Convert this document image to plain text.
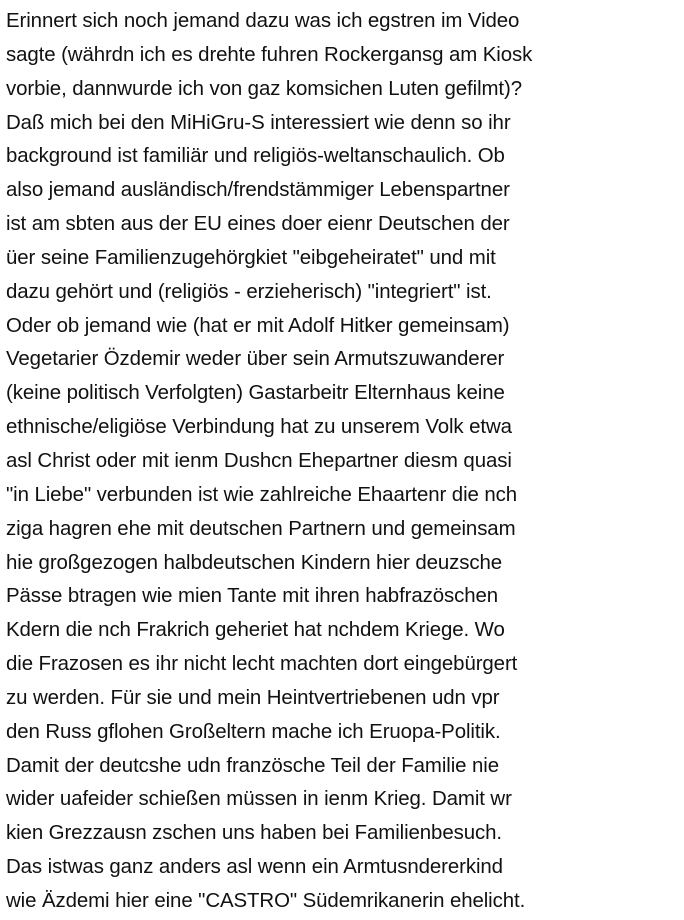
Erinnert sich noch jemand dazu was ich egstren im Video
sagte (währdn ich es drehte fuhren Rockergansg am Kiosk
vorbie, dannwurde ich von gaz komsichen Luten gefilmt)?
Daß mich bei den MiHiGru-S interessiert wie denn so ihr
background ist familiär und religiös-weltanschaulich. Ob
also jemand ausländisch/frendstämmiger Lebenspartner
ist am sbten aus der EU eines doer eienr Deutschen der
üer seine Familienzugehörgkiet "eibgeheiratet" und mit
dazu gehört und (religiös - erzieherisch) "integriert" ist.
Oder ob jemand wie (hat er mit Adolf Hitker gemeinsam)
Vegetarier Özdemir weder über sein Armutszuwanderer
(keine politisch Verfolgten) Gastarbeitr Elternhaus keine
ethnische/eligiöse Verbindung hat zu unserem Volk etwa
asl Christ oder mit ienm Dushcn Ehepartner diesm quasi
"in Liebe" verbunden ist wie zahlreiche Ehaartenr die nch
ziga hagren ehe mit deutschen Partnern und gemeinsam
hie großgezogen halbdeutschen Kindern hier deuzsche
Pässe btragen wie mien Tante mit ihren habfrazöschen
Kdern die nch Frakrich geheriet hat nchdem Kriege. Wo
die Frazosen es ihr nicht lecht machten dort eingebürgert
zu werden. Für sie und mein Heintvertriebenen udn vpr
den Russ gflohen Großeltern mache ich Eruopa-Politik.
Damit der deutcshe udn französche Teil der Familie nie
wider uafeider schießen müssen in ienm Krieg. Damit wr
kien Grezzausn zschen uns haben bei Familienbesuch.
Das istwas ganz anders asl wenn ein Armtusndererkind
wie Äzdemi hier eine "CASTRO" Südemrikanerin ehelicht.
